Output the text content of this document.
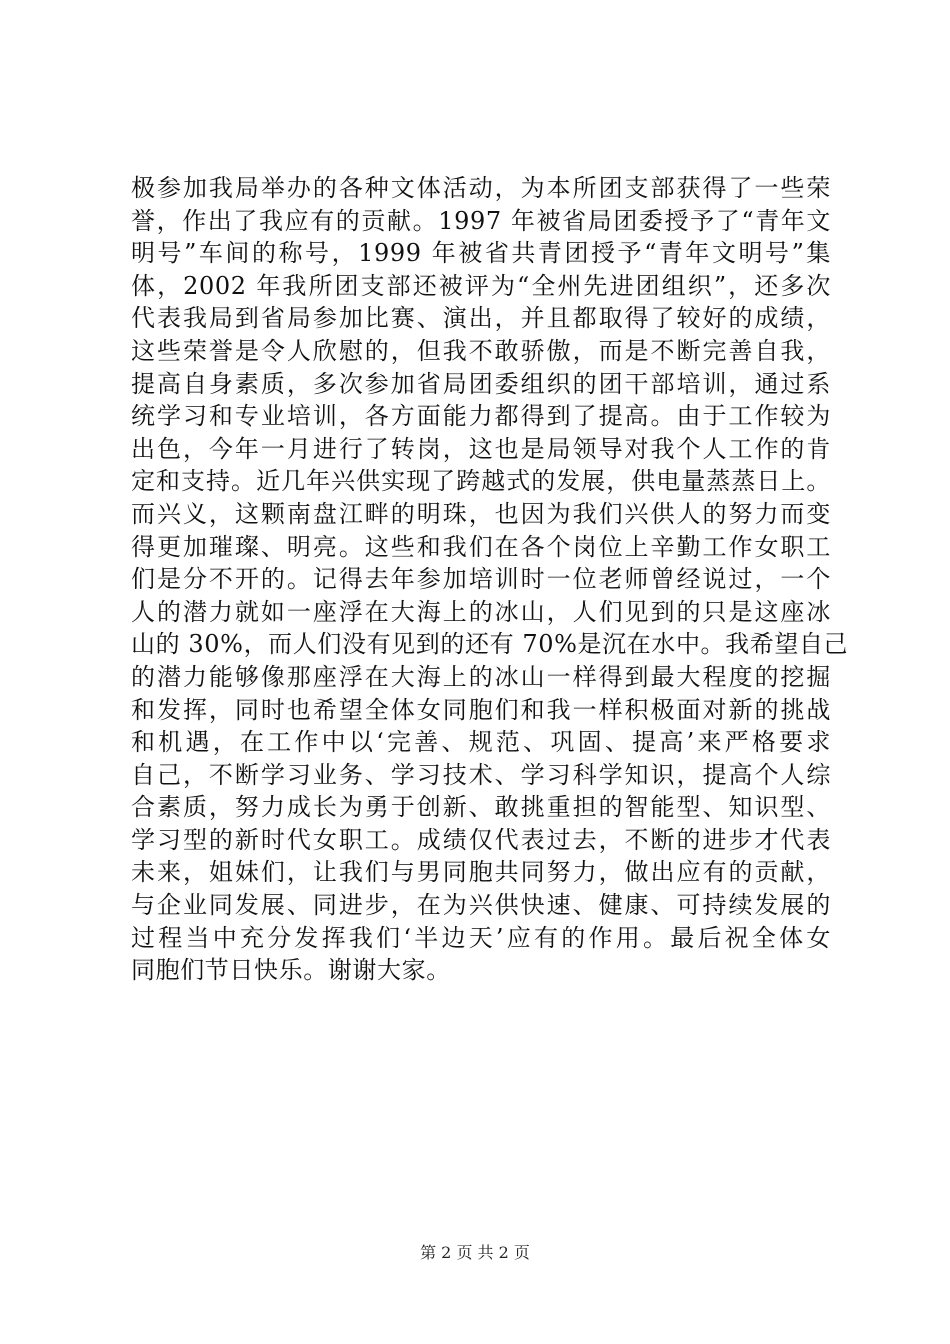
极参加我局举办的各种文体活动，为本所团支部获得了一些荣
誉，作出了我应有的贡献。1997 年被省局团委授予了“青年文
明号”车间的称号，1999 年被省共青团授予“青年文明号”集
体，2002 年我所团支部还被评为“全州先进团组织”，还多次
代表我局到省局参加比赛、演出，并且都取得了较好的成绩，
这些荣誉是令人欣慰的，但我不敢骄傲，而是不断完善自我，
提高自身素质，多次参加省局团委组织的团干部培训，通过系
统学习和专业培训，各方面能力都得到了提高。由于工作较为
出色，今年一月进行了转岗，这也是局领导对我个人工作的肯
定和支持。近几年兴供实现了跨越式的发展，供电量蒸蒸日上。
而兴义，这颗南盘江畔的明珠，也因为我们兴供人的努力而变
得更加璀璨、明亮。这些和我们在各个岗位上辛勤工作女职工
们是分不开的。记得去年参加培训时一位老师曾经说过，一个
人的潜力就如一座浮在大海上的冰山，人们见到的只是这座冰
山的 30%，而人们没有见到的还有 70%是沉在水中。我希望自己
的潜力能够像那座浮在大海上的冰山一样得到最大程度的挖掘
和发挥，同时也希望全体女同胞们和我一样积极面对新的挑战
和机遇，在工作中以‘完善、规范、巩固、提高’来严格要求
自己，不断学习业务、学习技术、学习科学知识，提高个人综
合素质，努力成长为勇于创新、敢挑重担的智能型、知识型、
学习型的新时代女职工。成绩仅代表过去，不断的进步才代表
未来，姐妹们，让我们与男同胞共同努力，做出应有的贡献，
与企业同发展、同进步，在为兴供快速、健康、可持续发展的
过程当中充分发挥我们‘半边天’应有的作用。最后祝全体女
同胞们节日快乐。谢谢大家。
第 2 页 共 2 页
